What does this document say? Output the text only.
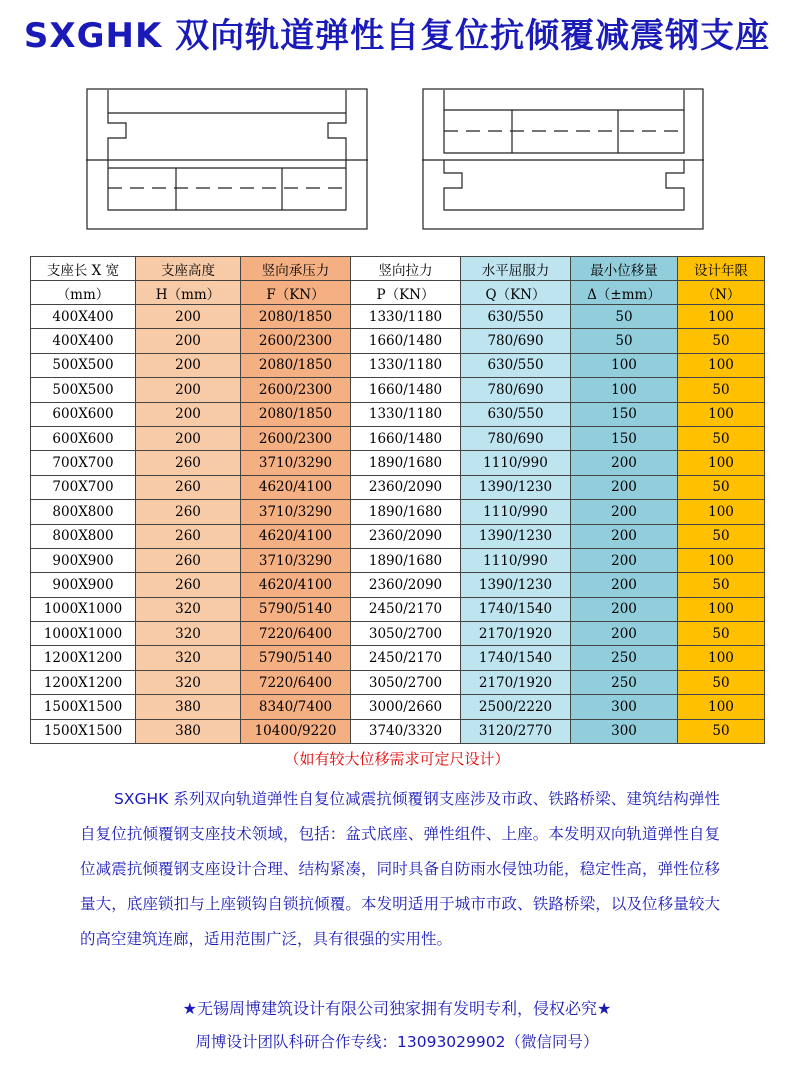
SXGHK 双向轨道弹性自复位抗倾覆减震钢支座
支座长 X 宽	支座高度	竖向承压力	竖向拉力	水平屈服力	最小位移量	设计年限
（mm）	H（mm）	F（KN）	P（KN）	Q（KN）	Δ（±mm）	（N）
400X400	200	2080/1850	1330/1180	630/550	50	100
400X400	200	2600/2300	1660/1480	780/690	50	50
500X500	200	2080/1850	1330/1180	630/550	100	100
500X500	200	2600/2300	1660/1480	780/690	100	50
600X600	200	2080/1850	1330/1180	630/550	150	100
600X600	200	2600/2300	1660/1480	780/690	150	50
700X700	260	3710/3290	1890/1680	1110/990	200	100
700X700	260	4620/4100	2360/2090	1390/1230	200	50
800X800	260	3710/3290	1890/1680	1110/990	200	100
800X800	260	4620/4100	2360/2090	1390/1230	200	50
900X900	260	3710/3290	1890/1680	1110/990	200	100
900X900	260	4620/4100	2360/2090	1390/1230	200	50
1000X1000	320	5790/5140	2450/2170	1740/1540	200	100
1000X1000	320	7220/6400	3050/2700	2170/1920	200	50
1200X1200	320	5790/5140	2450/2170	1740/1540	250	100
1200X1200	320	7220/6400	3050/2700	2170/1920	250	50
1500X1500	380	8340/7400	3000/2660	2500/2220	300	100
1500X1500	380	10400/9220	3740/3320	3120/2770	300	50
（如有较大位移需求可定尺设计）
SXGHK 系列双向轨道弹性自复位减震抗倾覆钢支座涉及市政、铁路桥梁、建筑结构弹性自复位抗倾覆钢支座技术领域，包括：盆式底座、弹性组件、上座。本发明双向轨道弹性自复位减震抗倾覆钢支座设计合理、结构紧凑，同时具备自防雨水侵蚀功能，稳定性高，弹性位移量大，底座锁扣与上座锁钩自锁抗倾覆。本发明适用于城市市政、铁路桥梁，以及位移量较大的高空建筑连廊，适用范围广泛，具有很强的实用性。
★无锡周博建筑设计有限公司独家拥有发明专利，侵权必究★
周博设计团队科研合作专线：13093029902（微信同号）
